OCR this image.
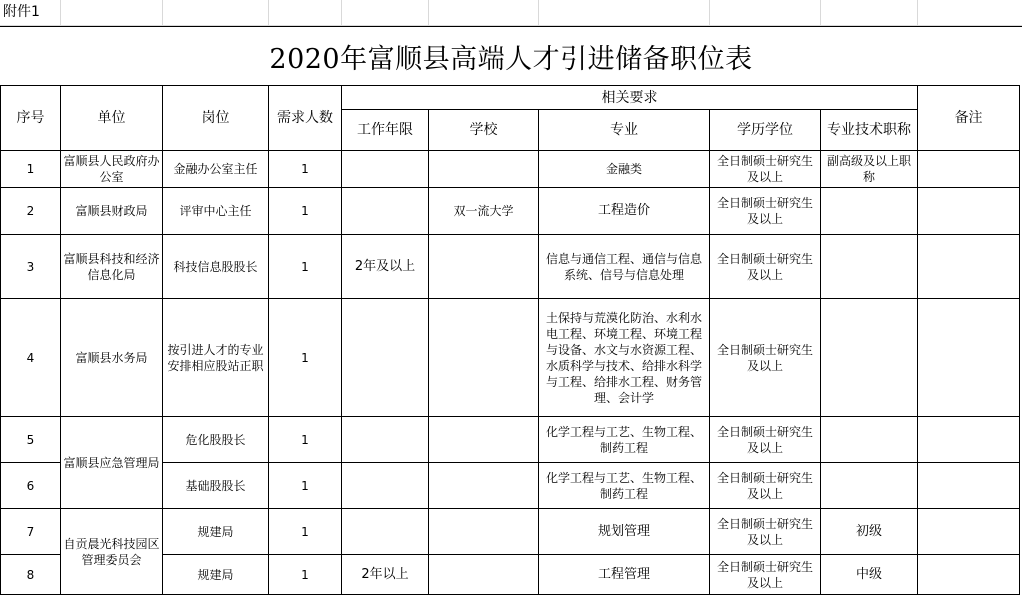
附件1
2020年富顺县高端人才引进储备职位表
序号	单位	岗位	需求人数	相关要求					备注
				工作年限	学校	专业	学历学位	专业技术职称	
1	富顺县人民政府办公室	金融办公室主任	1			金融类	全日制硕士研究生及以上	副高级及以上职称	
2	富顺县财政局	评审中心主任	1		双一流大学	工程造价	全日制硕士研究生及以上		
3	富顺县科技和经济信息化局	科技信息股股长	1	2年及以上		信息与通信工程、通信与信息系统、信号与信息处理	全日制硕士研究生及以上		
4	富顺县水务局	按引进人才的专业安排相应股站正职	1			土保持与荒漠化防治、水利水电工程、环境工程、环境工程与设备、水文与水资源工程、水质科学与技术、给排水科学与工程、给排水工程、财务管理、会计学	全日制硕士研究生及以上		
5	富顺县应急管理局	危化股股长	1			化学工程与工艺、生物工程、制药工程	全日制硕士研究生及以上		
6		基础股股长	1			化学工程与工艺、生物工程、制药工程	全日制硕士研究生及以上		
7	自贡晨光科技园区管理委员会	规建局	1			规划管理	全日制硕士研究生及以上	初级	
8		规建局	1	2年以上		工程管理	全日制硕士研究生及以上	中级	
